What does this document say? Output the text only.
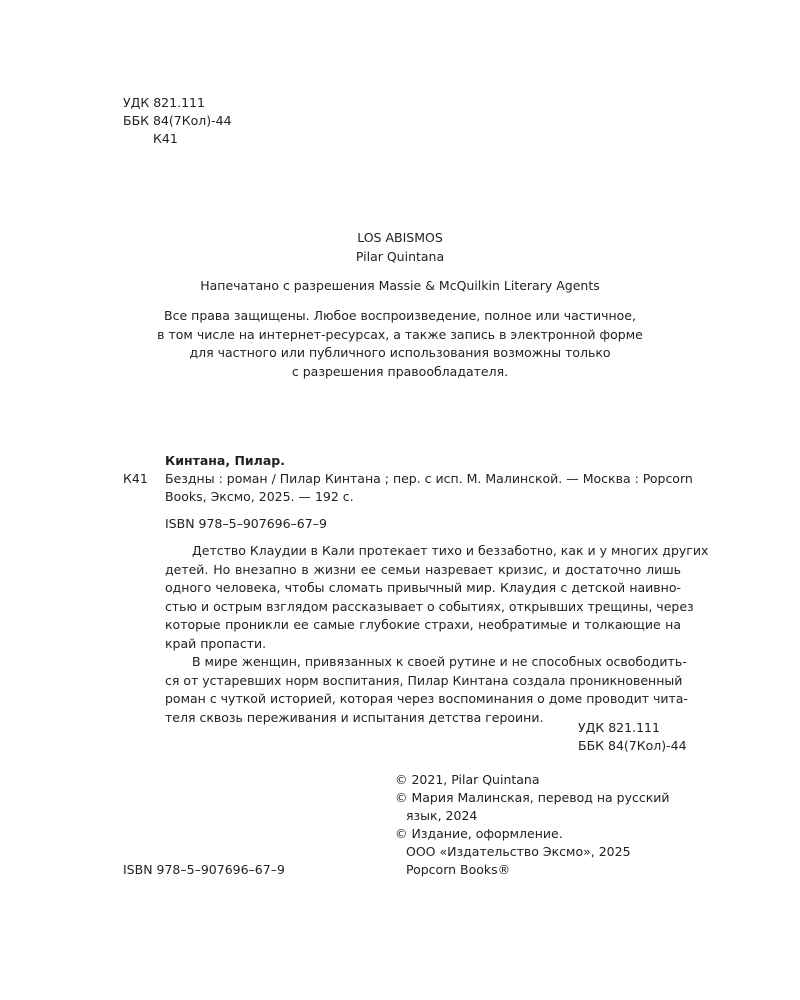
УДК 821.111
ББК 84(7Кол)-44
К41
LOS ABISMOS
Pilar Quintana
Напечатано с разрешения Massie & McQuilkin Literary Agents
Все права защищены. Любое воспроизведение, полное или частичное,
в том числе на интернет-ресурсах, а также запись в электронной форме
для частного или публичного использования возможны только
с разрешения правообладателя.
Кинтана, Пилар.
К41 Бездны : роман / Пилар Кинтана ; пер. с исп. М. Малинской. — Москва : Popcorn
Books, Эксмо, 2025. — 192 с.
ISBN 978–5–907696–67–9
Детство Клаудии в Кали протекает тихо и беззаботно, как и у многих других
детей. Но внезапно в жизни ее семьи назревает кризис, и достаточно лишь
одного человека, чтобы сломать привычный мир. Клаудия с детской наивно-
стью и острым взглядом рассказывает о событиях, открывших трещины, через
которые проникли ее самые глубокие страхи, необратимые и толкающие на
край пропасти.
В мире женщин, привязанных к своей рутине и не способных освободить-
ся от устаревших норм воспитания, Пилар Кинтана создала проникновенный
роман с чуткой историей, которая через воспоминания о доме проводит чита-
теля сквозь переживания и испытания детства героини.
УДК 821.111
ББК 84(7Кол)-44
© 2021, Pilar Quintana
© Мария Малинская, перевод на русский
язык, 2024
© Издание, оформление.
ООО «Издательство Эксмо», 2025
Popcorn Books®
ISBN 978–5–907696–67–9
